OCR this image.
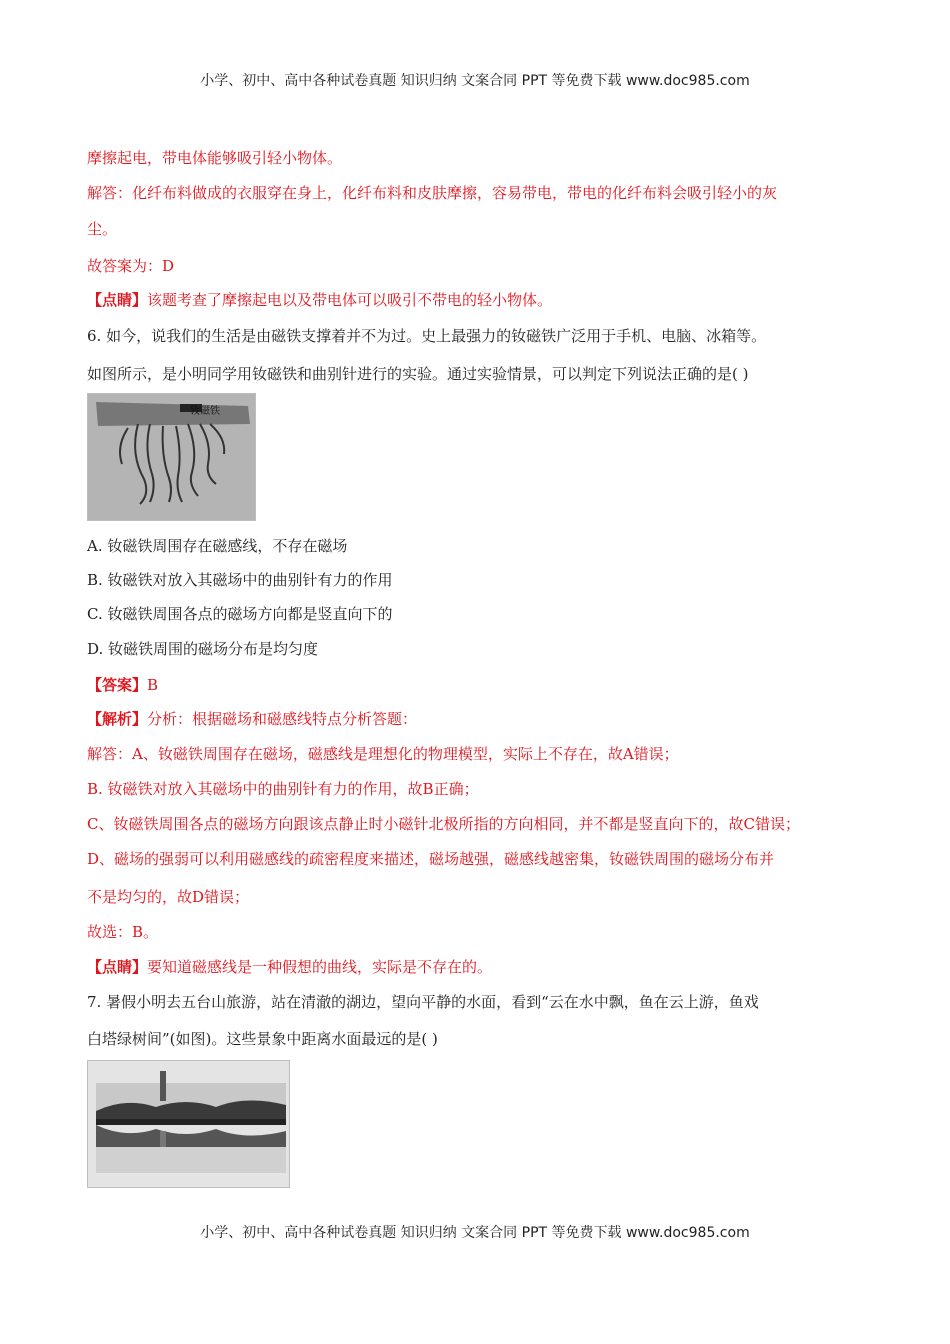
小学、初中、高中各种试卷真题 知识归纳 文案合同 PPT 等免费下载 www.doc985.com
摩擦起电，带电体能够吸引轻小物体。
解答：化纤布料做成的衣服穿在身上，化纤布料和皮肤摩擦，容易带电，带电的化纤布料会吸引轻小的灰
尘。
故答案为：D
【点睛】该题考查了摩擦起电以及带电体可以吸引不带电的轻小物体。
6. 如今，说我们的生活是由磁铁支撑着并不为过。史上最强力的钕磁铁广泛用于手机、电脑、冰箱等。
如图所示，是小明同学用钕磁铁和曲别针进行的实验。通过实验情景，可以判定下列说法正确的是( )
钕磁铁
A. 钕磁铁周围存在磁感线，不存在磁场
B. 钕磁铁对放入其磁场中的曲别针有力的作用
C. 钕磁铁周围各点的磁场方向都是竖直向下的
D. 钕磁铁周围的磁场分布是均匀度
【答案】B
【解析】分析：根据磁场和磁感线特点分析答题：
解答：A、钕磁铁周围存在磁场，磁感线是理想化的物理模型，实际上不存在，故A错误；
B. 钕磁铁对放入其磁场中的曲别针有力的作用，故B正确；
C、钕磁铁周围各点的磁场方向跟该点静止时小磁针北极所指的方向相同，并不都是竖直向下的，故C错误；
D、磁场的强弱可以利用磁感线的疏密程度来描述，磁场越强，磁感线越密集，钕磁铁周围的磁场分布并
不是均匀的，故D错误；
故选：B。
【点睛】要知道磁感线是一种假想的曲线，实际是不存在的。
7. 暑假小明去五台山旅游，站在清澈的湖边，望向平静的水面，看到“云在水中飘，鱼在云上游，鱼戏
白塔绿树间”(如图)。这些景象中距离水面最远的是( )
小学、初中、高中各种试卷真题 知识归纳 文案合同 PPT 等免费下载 www.doc985.com
